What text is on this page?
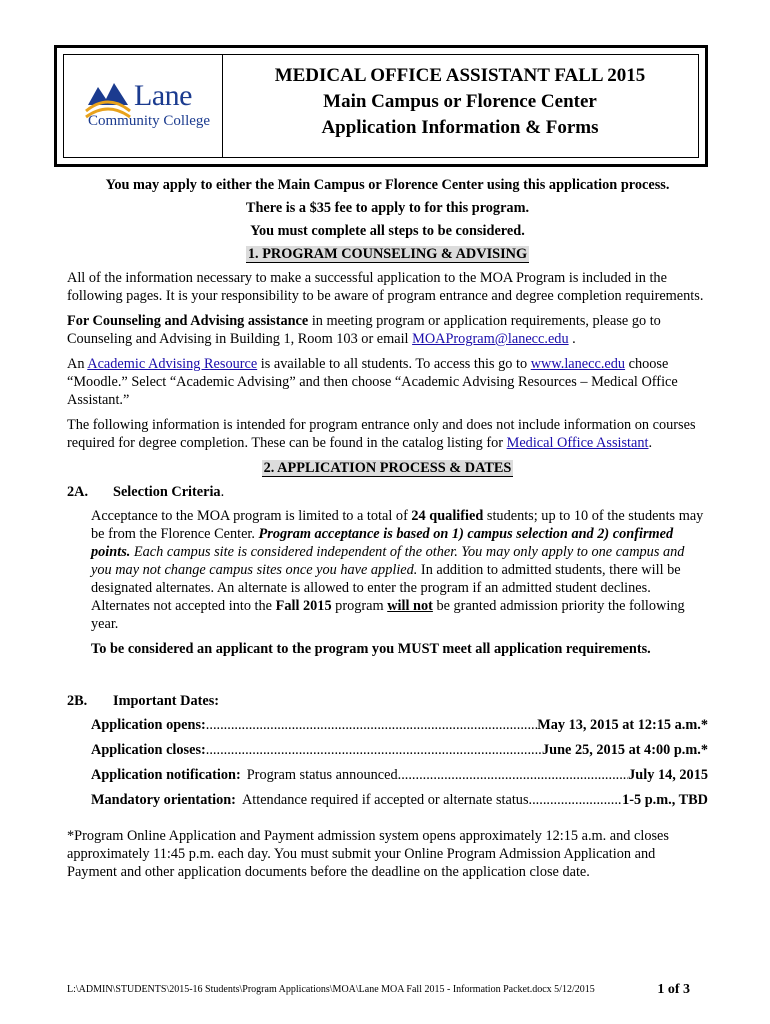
Lane
Community College
MEDICAL OFFICE ASSISTANT FALL 2015
Main Campus or Florence Center
Application Information & Forms

You may apply to either the Main Campus or Florence Center using this application process.

There is a $35 fee to apply to for this program.

You must complete all steps to be considered.

1. PROGRAM COUNSELING & ADVISING

All of the information necessary to make a successful application to the MOA Program is included in the following pages. It is your responsibility to be aware of program entrance and degree completion requirements.

For Counseling and Advising assistance in meeting program or application requirements, please go to Counseling and Advising in Building 1, Room 103 or email MOAProgram@lanecc.edu .

An Academic Advising Resource is available to all students. To access this go to www.lanecc.edu choose “Moodle.” Select “Academic Advising” and then choose “Academic Advising Resources – Medical Office Assistant.”

The following information is intended for program entrance only and does not include information on courses required for degree completion. These can be found in the catalog listing for Medical Office Assistant.

2. APPLICATION PROCESS & DATES

2A.	Selection Criteria .

Acceptance to the MOA program is limited to a total of 24 qualified students; up to 10 of the students may be from the Florence Center. Program acceptance is based on 1) campus selection and 2) confirmed points. Each campus site is considered independent of the other. You may only apply to one campus and you may not change campus sites once you have applied. In addition to admitted students, there will be designated alternates. An alternate is allowed to enter the program if an admitted student declines. Alternates not accepted into the Fall 2015 program will not be granted admission priority the following year.

To be considered an applicant to the program you MUST meet all application requirements.

2B.	Important Dates:
Application opens: .....	May 13, 2015 at 12:15 a.m.*
Application closes: .....	June 25, 2015 at 4:00 p.m.*
Application notification: Program status announced .....	July 14, 2015
Mandatory orientation: Attendance required if accepted or alternate status .....	1-5 p.m., TBD

*Program Online Application and Payment admission system opens approximately 12:15 a.m. and closes approximately 11:45 p.m. each day. You must submit your Online Program Admission Application and Payment and other application documents before the deadline on the application close date.

L:\ADMIN\STUDENTS\2015-16 Students\Program Applications\MOA\Lane MOA Fall 2015 - Information Packet.docx 5/12/2015	1 of 3
